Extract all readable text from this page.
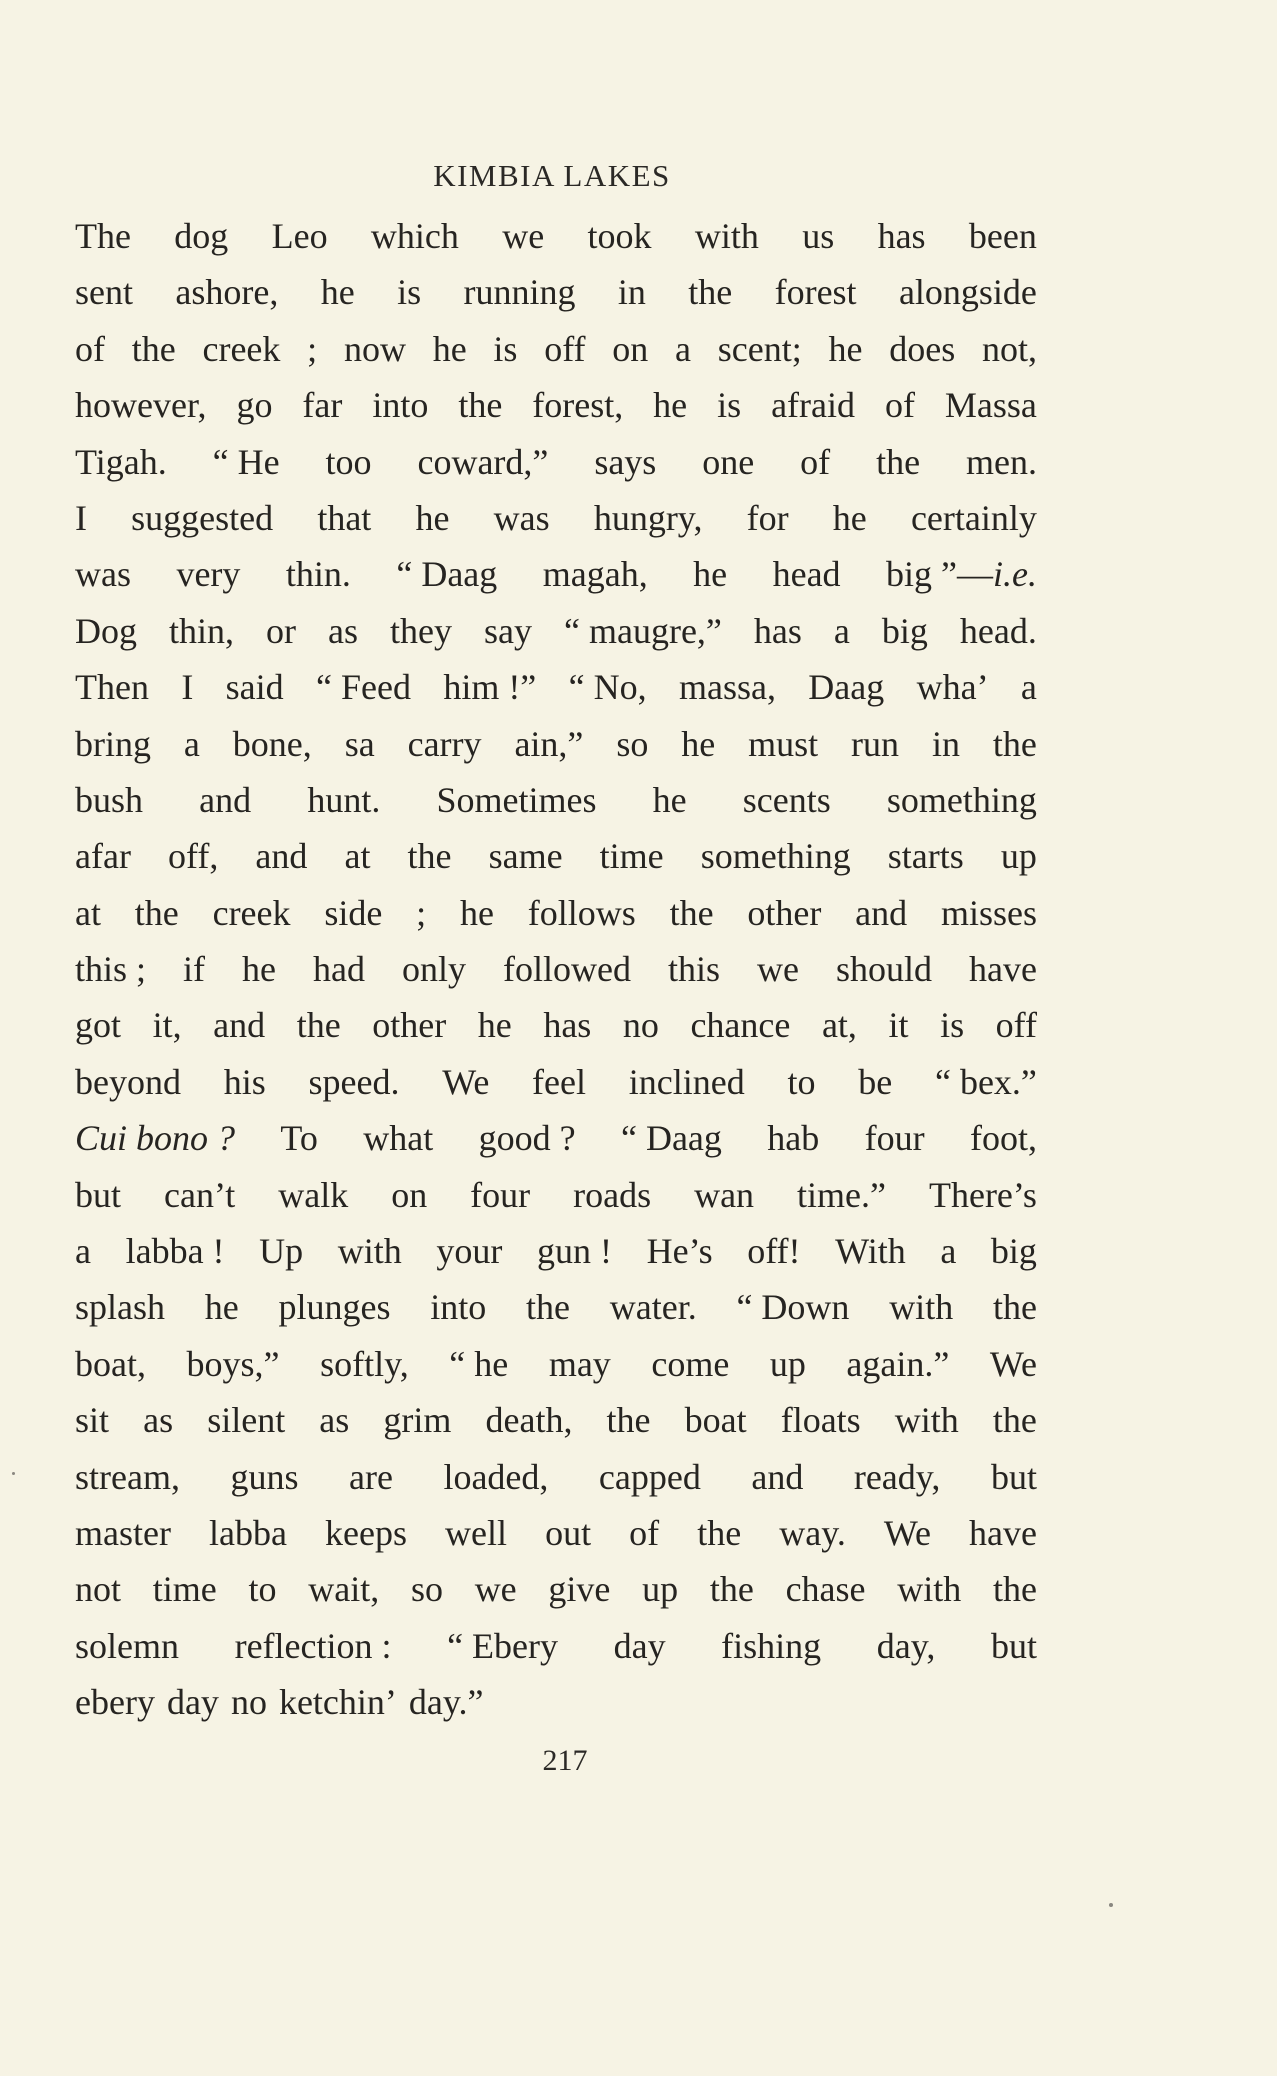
KIMBIA LAKES
The dog Leo which we took with us has been
sent ashore, he is running in the forest alongside
of the creek ; now he is off on a scent; he does not,
however, go far into the forest, he is afraid of Massa
Tigah. “ He too coward,” says one of the men.
I suggested that he was hungry, for he certainly
was very thin. “ Daag magah, he head big ”—i.e.
Dog thin, or as they say “ maugre,” has a big head.
Then I said “ Feed him !” “ No, massa, Daag wha’ a
bring a bone, sa carry ain,” so he must run in the
bush and hunt. Sometimes he scents something
afar off, and at the same time something starts up
at the creek side ; he follows the other and misses
this ; if he had only followed this we should have
got it, and the other he has no chance at, it is off
beyond his speed. We feel inclined to be “ bex.”
Cui bono ? To what good ? “ Daag hab four foot,
but can’t walk on four roads wan time.” There’s
a labba ! Up with your gun ! He’s off! With a big
splash he plunges into the water. “ Down with the
boat, boys,” softly, “ he may come up again.” We
sit as silent as grim death, the boat floats with the
stream, guns are loaded, capped and ready, but
master labba keeps well out of the way. We have
not time to wait, so we give up the chase with the
solemn reflection : “ Ebery day fishing day, but
ebery day no ketchin’ day.”
217
